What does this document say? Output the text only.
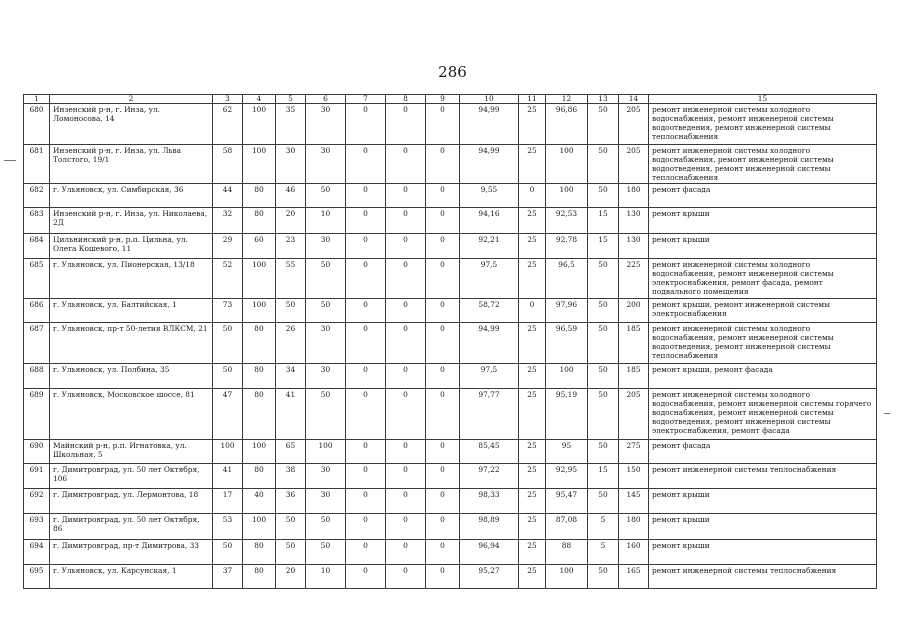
286
1	2	3	4	5	6	7	8	9	10	11	12	13	14	15
680	Инзенский р-н, г. Инза, ул. Ломоносова, 14	62	100	35	30	0	0	0	94,99	25	96,86	50	205	ремонт инженерной системы холодного водоснабжения, ремонт инженерной системы водоотведения, ремонт инженерной системы теплоснабжения
681	Инзенский р-н, г. Инза, ул. Льва Толстого, 19/1	58	100	30	30	0	0	0	94,99	25	100	50	205	ремонт инженерной системы холодного водоснабжения, ремонт инженерной системы водоотведения, ремонт инженерной системы теплоснабжения
682	г. Ульяновск, ул. Симбирская, 36	44	80	46	50	0	0	0	9,55	0	100	50	180	ремонт фасада
683	Инзенский р-н, г. Инза, ул. Николаева, 2Д	32	80	20	10	0	0	0	94,16	25	92,53	15	130	ремонт крыши
684	Цильнинский р-н, р.п. Цильна, ул. Олега Кошевого, 11	29	60	23	30	0	0	0	92,21	25	92,78	15	130	ремонт крыши
685	г. Ульяновск, ул. Пионерская, 13/18	52	100	55	50	0	0	0	97,5	25	96,5	50	225	ремонт инженерной системы холодного водоснабжения, ремонт инженерной системы электроснабжения, ремонт фасада, ремонт подвального помещения
686	г. Ульяновск, ул. Балтийская, 1	73	100	50	50	0	0	0	58,72	0	97,96	50	200	ремонт крыши, ремонт инженерной системы электроснабжения
687	г. Ульяновск, пр-т 50-летия ВЛКСМ, 21	50	80	26	30	0	0	0	94,99	25	96,59	50	185	ремонт инженерной системы холодного водоснабжения, ремонт инженерной системы водоотведения, ремонт инженерной системы теплоснабжения
688	г. Ульяновск, ул. Полбина, 35	50	80	34	30	0	0	0	97,5	25	100	50	185	ремонт крыши, ремонт фасада
689	г. Ульяновск, Московское шоссе, 81	47	80	41	50	0	0	0	97,77	25	95,19	50	205	ремонт инженерной системы холодного водоснабжения, ремонт инженерной системы горячего водоснабжения, ремонт инженерной системы водоотведения, ремонт инженерной системы электроснабжения, ремонт фасада
690	Майнский р-н, р.п. Игнатовка, ул. Школьная, 5	100	100	65	100	0	0	0	85,45	25	95	50	275	ремонт фасада
691	г. Димитровград, ул. 50 лет Октября, 106	41	80	38	30	0	0	0	97,22	25	92,95	15	150	ремонт инженерной системы теплоснабжения
692	г. Димитровград, ул. Лермонтова, 18	17	40	36	30	0	0	0	98,33	25	95,47	50	145	ремонт крыши
693	г. Димитровград, ул. 50 лет Октября, 86	53	100	50	50	0	0	0	98,89	25	87,08	5	180	ремонт крыши
694	г. Димитровград, пр-т Димитрова, 33	50	80	50	50	0	0	0	96,94	25	88	5	160	ремонт крыши
695	г. Ульяновск, ул. Карсунская, 1	37	80	20	10	0	0	0	95,27	25	100	50	165	ремонт инженерной системы теплоснабжения
